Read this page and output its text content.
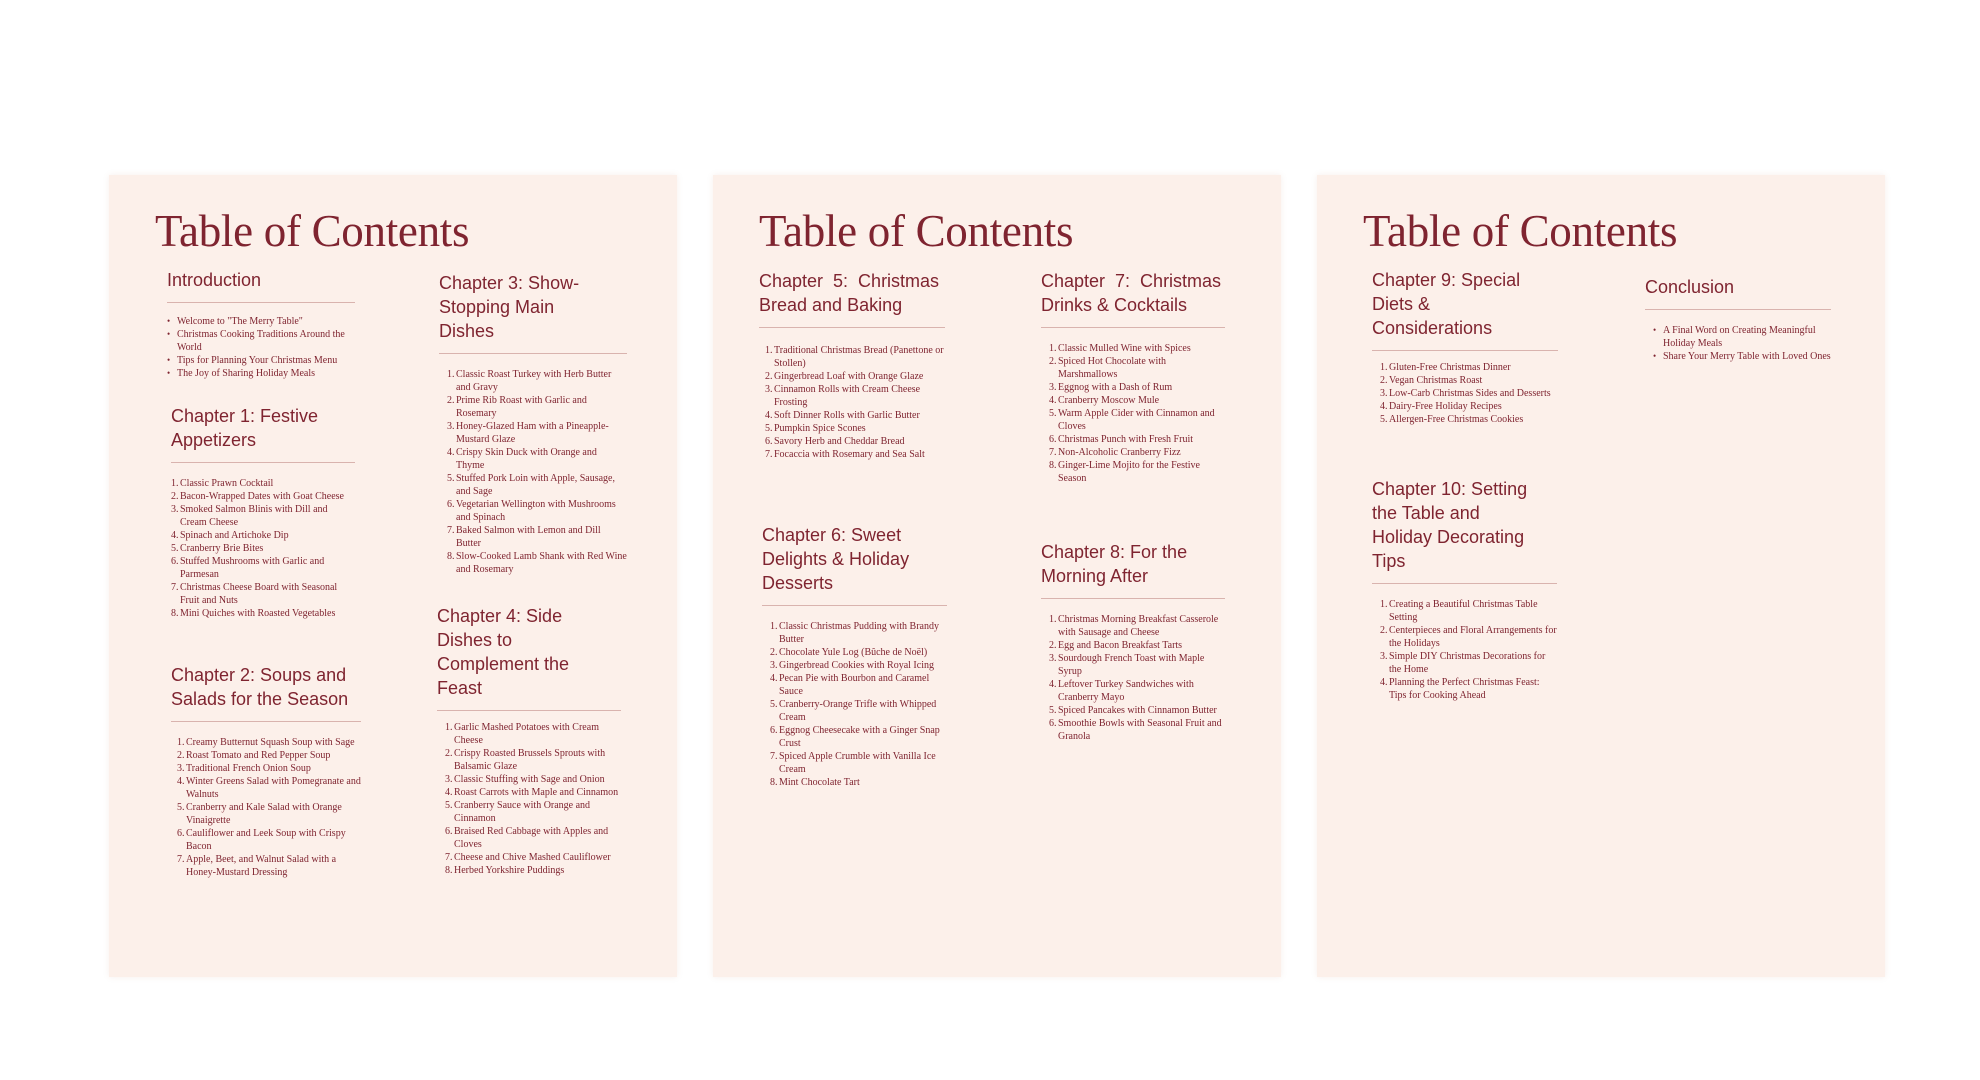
Table of Contents
Introduction
• Welcome to "The Merry Table"
• Christmas Cooking Traditions Around the World
• Tips for Planning Your Christmas Menu
• The Joy of Sharing Holiday Meals
Chapter 1: Festive Appetizers
1. Classic Prawn Cocktail
2. Bacon-Wrapped Dates with Goat Cheese
3. Smoked Salmon Blinis with Dill and Cream Cheese
4. Spinach and Artichoke Dip
5. Cranberry Brie Bites
6. Stuffed Mushrooms with Garlic and Parmesan
7. Christmas Cheese Board with Seasonal Fruit and Nuts
8. Mini Quiches with Roasted Vegetables
Chapter 2: Soups and Salads for the Season
1. Creamy Butternut Squash Soup with Sage
2. Roast Tomato and Red Pepper Soup
3. Traditional French Onion Soup
4. Winter Greens Salad with Pomegranate and Walnuts
5. Cranberry and Kale Salad with Orange Vinaigrette
6. Cauliflower and Leek Soup with Crispy Bacon
7. Apple, Beet, and Walnut Salad with a Honey-Mustard Dressing
Chapter 3: Show-Stopping Main Dishes
1. Classic Roast Turkey with Herb Butter and Gravy
2. Prime Rib Roast with Garlic and Rosemary
3. Honey-Glazed Ham with a Pineapple-Mustard Glaze
4. Crispy Skin Duck with Orange and Thyme
5. Stuffed Pork Loin with Apple, Sausage, and Sage
6. Vegetarian Wellington with Mushrooms and Spinach
7. Baked Salmon with Lemon and Dill Butter
8. Slow-Cooked Lamb Shank with Red Wine and Rosemary
Chapter 4: Side Dishes to Complement the Feast
1. Garlic Mashed Potatoes with Cream Cheese
2. Crispy Roasted Brussels Sprouts with Balsamic Glaze
3. Classic Stuffing with Sage and Onion
4. Roast Carrots with Maple and Cinnamon
5. Cranberry Sauce with Orange and Cinnamon
6. Braised Red Cabbage with Apples and Cloves
7. Cheese and Chive Mashed Cauliflower
8. Herbed Yorkshire Puddings
Table of Contents
Chapter  5:  Christmas Bread and Baking
1. Traditional Christmas Bread (Panettone or Stollen)
2. Gingerbread Loaf with Orange Glaze
3. Cinnamon Rolls with Cream Cheese Frosting
4. Soft Dinner Rolls with Garlic Butter
5. Pumpkin Spice Scones
6. Savory Herb and Cheddar Bread
7. Focaccia with Rosemary and Sea Salt
Chapter 6: Sweet Delights & Holiday Desserts
1. Classic Christmas Pudding with Brandy Butter
2. Chocolate Yule Log (Bûche de Noël)
3. Gingerbread Cookies with Royal Icing
4. Pecan Pie with Bourbon and Caramel Sauce
5. Cranberry-Orange Trifle with Whipped Cream
6. Eggnog Cheesecake with a Ginger Snap Crust
7. Spiced Apple Crumble with Vanilla Ice Cream
8. Mint Chocolate Tart
Chapter  7:  Christmas Drinks & Cocktails
1. Classic Mulled Wine with Spices
2. Spiced Hot Chocolate with Marshmallows
3. Eggnog with a Dash of Rum
4. Cranberry Moscow Mule
5. Warm Apple Cider with Cinnamon and Cloves
6. Christmas Punch with Fresh Fruit
7. Non-Alcoholic Cranberry Fizz
8. Ginger-Lime Mojito for the Festive Season
Chapter 8: For the Morning After
1. Christmas Morning Breakfast Casserole with Sausage and Cheese
2. Egg and Bacon Breakfast Tarts
3. Sourdough French Toast with Maple Syrup
4. Leftover Turkey Sandwiches with Cranberry Mayo
5. Spiced Pancakes with Cinnamon Butter
6. Smoothie Bowls with Seasonal Fruit and Granola
Table of Contents
Chapter 9: Special Diets & Considerations
1. Gluten-Free Christmas Dinner
2. Vegan Christmas Roast
3. Low-Carb Christmas Sides and Desserts
4. Dairy-Free Holiday Recipes
5. Allergen-Free Christmas Cookies
Chapter 10: Setting the Table and Holiday Decorating Tips
1. Creating a Beautiful Christmas Table Setting
2. Centerpieces and Floral Arrangements for the Holidays
3. Simple DIY Christmas Decorations for the Home
4. Planning the Perfect Christmas Feast: Tips for Cooking Ahead
Conclusion
• A Final Word on Creating Meaningful Holiday Meals
• Share Your Merry Table with Loved Ones
